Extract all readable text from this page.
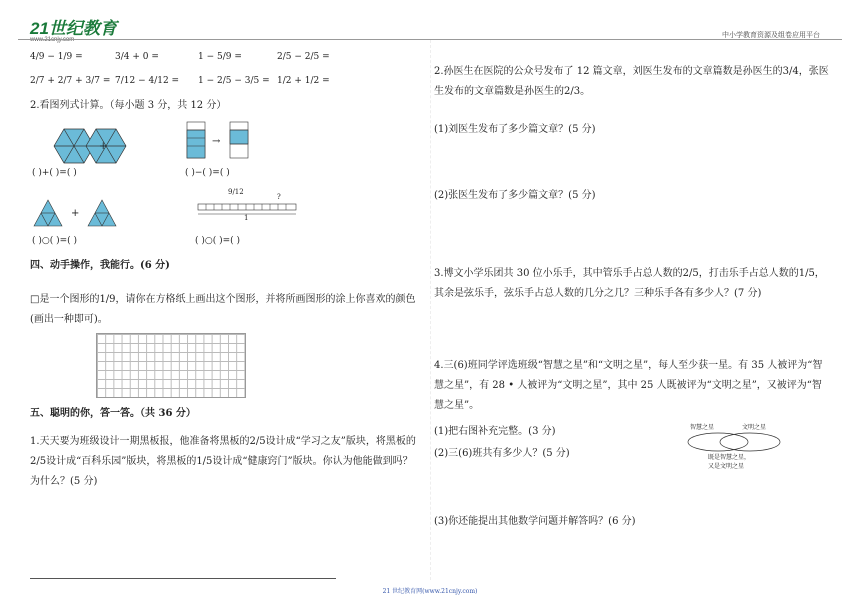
21世纪教育
www.21cnjy.com
中小学教育资源及组卷应用平台
4/9 − 1/9 =	3/4 + 0 =	1 − 5/9 =	2/5 − 2/5 =
2/7 + 2/7 + 3/7 = 7/12 − 4/12 = 1 − 2/5 − 3/5 = 1/2 + 1/2 =
2.看图列式计算。（每小题 3 分，共 12 分）
+
( )+( )=( )
→
( )−( )=( )
+
( )○( )=( )
9/12
?
1
( )○( )=( )
四、动手操作，我能行。(6 分)
□是一个图形的1/9，请你在方格纸上画出这个图形，并将所画图形的涂上你喜欢的颜色(画出一种即可)。
五、聪明的你，答一答。（共 36 分）
1.天天要为班级设计一期黑板报，他准备将黑板的2/5设计成“学习之友”版块，将黑板的2/5设计成“百科乐园”版块，将黑板的1/5设计成“健康窍门”版块。你认为他能做到吗？为什么？(5 分)
2.孙医生在医院的公众号发布了 12 篇文章，刘医生发布的文章篇数是孙医生的3/4，张医生发布的文章篇数是孙医生的2/3。
(1)刘医生发布了多少篇文章？(5 分)
(2)张医生发布了多少篇文章？(5 分)
3.博文小学乐团共 30 位小乐手，其中管乐手占总人数的2/5，打击乐手占总人数的1/5，其余是弦乐手，弦乐手占总人数的几分之几？三种乐手各有多少人？(7 分)
4.三(6)班同学评选班级“智慧之星”和“文明之星”，每人至少获一星。有 35 人被评为“智慧之星”，有 28 • 人被评为“文明之星”，其中 25 人既被评为“文明之星”，又被评为“智慧之星”。
(1)把右图补充完整。(3 分)
(2)三(6)班共有多少人？(5 分)
(3)你还能提出其他数学问题并解答吗？(6 分)
智慧之星	文明之星
既是智慧之星，
又是文明之星
21 世纪教育网(www.21cnjy.com)
